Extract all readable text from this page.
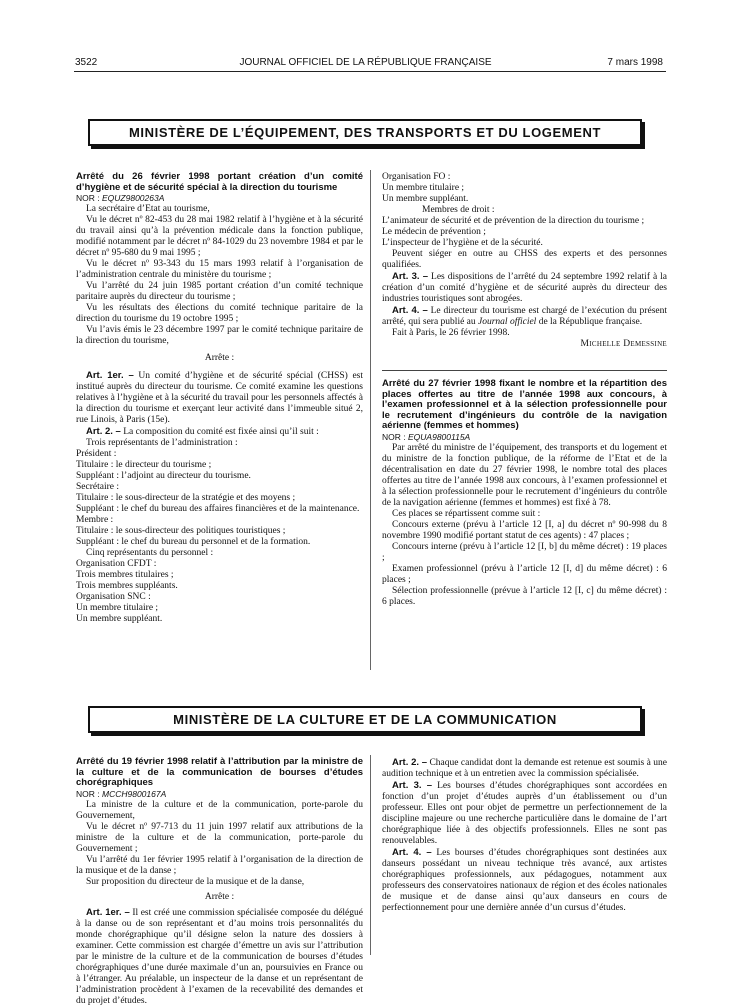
3522	JOURNAL OFFICIEL DE LA RÉPUBLIQUE FRANÇAISE	7 mars 1998
MINISTÈRE DE L’ÉQUIPEMENT, DES TRANSPORTS ET DU LOGEMENT

Arrêté du 26 février 1998 portant création d’un comité d’hygiène et de sécurité spécial à la direction du tourisme

NOR : EQUZ9800263A

La secrétaire d’Etat au tourisme,

Vu le décret nº 82-453 du 28 mai 1982 relatif à l’hygiène et à la sécurité du travail ainsi qu’à la prévention médicale dans la fonction publique, modifié notamment par le décret nº 84-1029 du 23 novembre 1984 et par le décret nº 95-680 du 9 mai 1995 ;

Vu le décret nº 93-343 du 15 mars 1993 relatif à l’organisation de l’administration centrale du ministère du tourisme ;

Vu l’arrêté du 24 juin 1985 portant création d’un comité technique paritaire auprès du directeur du tourisme ;

Vu les résultats des élections du comité technique paritaire de la direction du tourisme du 19 octobre 1995 ;

Vu l’avis émis le 23 décembre 1997 par le comité technique paritaire de la direction du tourisme,

Arrête :

Art. 1er. – Un comité d’hygiène et de sécurité spécial (CHSS) est institué auprès du directeur du tourisme. Ce comité examine les questions relatives à l’hygiène et à la sécurité du travail pour les personnels affectés à la direction du tourisme et exerçant leur activité dans l’immeuble situé 2, rue Linois, à Paris (15e).

Art. 2. – La composition du comité est fixée ainsi qu’il suit :

Trois représentants de l’administration :

Président :

Titulaire : le directeur du tourisme ;

Suppléant : l’adjoint au directeur du tourisme.

Secrétaire :

Titulaire : le sous-directeur de la stratégie et des moyens ;

Suppléant : le chef du bureau des affaires financières et de la maintenance.

Membre :

Titulaire : le sous-directeur des politiques touristiques ;

Suppléant : le chef du bureau du personnel et de la formation.

Cinq représentants du personnel :

Organisation CFDT :

Trois membres titulaires ;

Trois membres suppléants.

Organisation SNC :

Un membre titulaire ;

Un membre suppléant.

Organisation FO :

Un membre titulaire ;

Un membre suppléant.

Membres de droit :

L’animateur de sécurité et de prévention de la direction du tourisme ;

Le médecin de prévention ;

L’inspecteur de l’hygiène et de la sécurité.

Peuvent siéger en outre au CHSS des experts et des personnes qualifiées.

Art. 3. – Les dispositions de l’arrêté du 24 septembre 1992 relatif à la création d’un comité d’hygiène et de sécurité auprès du directeur des industries touristiques sont abrogées.

Art. 4. – Le directeur du tourisme est chargé de l’exécution du présent arrêté, qui sera publié au Journal officiel de la République française.

Fait à Paris, le 26 février 1998.

Michelle Demessine

Arrêté du 27 février 1998 fixant le nombre et la répartition des places offertes au titre de l’année 1998 aux concours, à l’examen professionnel et à la sélection professionnelle pour le recrutement d’ingénieurs du contrôle de la navigation aérienne (femmes et hommes)

NOR : EQUA9800115A

Par arrêté du ministre de l’équipement, des transports et du logement et du ministre de la fonction publique, de la réforme de l’Etat et de la décentralisation en date du 27 février 1998, le nombre total des places offertes au titre de l’année 1998 aux concours, à l’examen professionnel et à la sélection professionnelle pour le recrutement d’ingénieurs du contrôle de la navigation aérienne (femmes et hommes) est fixé à 78.

Ces places se répartissent comme suit :

Concours externe (prévu à l’article 12 [I, a] du décret nº 90-998 du 8 novembre 1990 modifié portant statut de ces agents) : 47 places ;

Concours interne (prévu à l’article 12 [I, b] du même décret) : 19 places ;

Examen professionnel (prévu à l’article 12 [I, d] du même décret) : 6 places ;

Sélection professionnelle (prévue à l’article 12 [I, c] du même décret) : 6 places.

MINISTÈRE DE LA CULTURE ET DE LA COMMUNICATION

Arrêté du 19 février 1998 relatif à l’attribution par la ministre de la culture et de la communication de bourses d’études chorégraphiques

NOR : MCCH9800167A

La ministre de la culture et de la communication, porte-parole du Gouvernement,

Vu le décret nº 97-713 du 11 juin 1997 relatif aux attributions de la ministre de la culture et de la communication, porte-parole du Gouvernement ;

Vu l’arrêté du 1er février 1995 relatif à l’organisation de la direction de la musique et de la danse ;

Sur proposition du directeur de la musique et de la danse,

Arrête :

Art. 1er. – Il est créé une commission spécialisée composée du délégué à la danse ou de son représentant et d’au moins trois personnalités du monde chorégraphique qu’il désigne selon la nature des dossiers à examiner. Cette commission est chargée d’émettre un avis sur l’attribution par le ministre de la culture et de la communication de bourses d’études chorégraphiques d’une durée maximale d’un an, poursuivies en France ou à l’étranger. Au préalable, un inspecteur de la danse et un représentant de l’administration procèdent à l’examen de la recevabilité des demandes et du projet d’études.

Art. 2. – Chaque candidat dont la demande est retenue est soumis à une audition technique et à un entretien avec la commission spécialisée.

Art. 3. – Les bourses d’études chorégraphiques sont accordées en fonction d’un projet d’études auprès d’un établissement ou d’un professeur. Elles ont pour objet de permettre un perfectionnement de la discipline majeure ou une recherche particulière dans le domaine de l’art chorégraphique liée à des objectifs professionnels. Elles ne sont pas renouvelables.

Art. 4. – Les bourses d’études chorégraphiques sont destinées aux danseurs possédant un niveau technique très avancé, aux artistes chorégraphiques professionnels, aux pédagogues, notamment aux professeurs des conservatoires nationaux de région et des écoles nationales de musique et de danse ainsi qu’aux danseurs en cours de perfectionnement pour une dernière année d’un cursus d’études.
